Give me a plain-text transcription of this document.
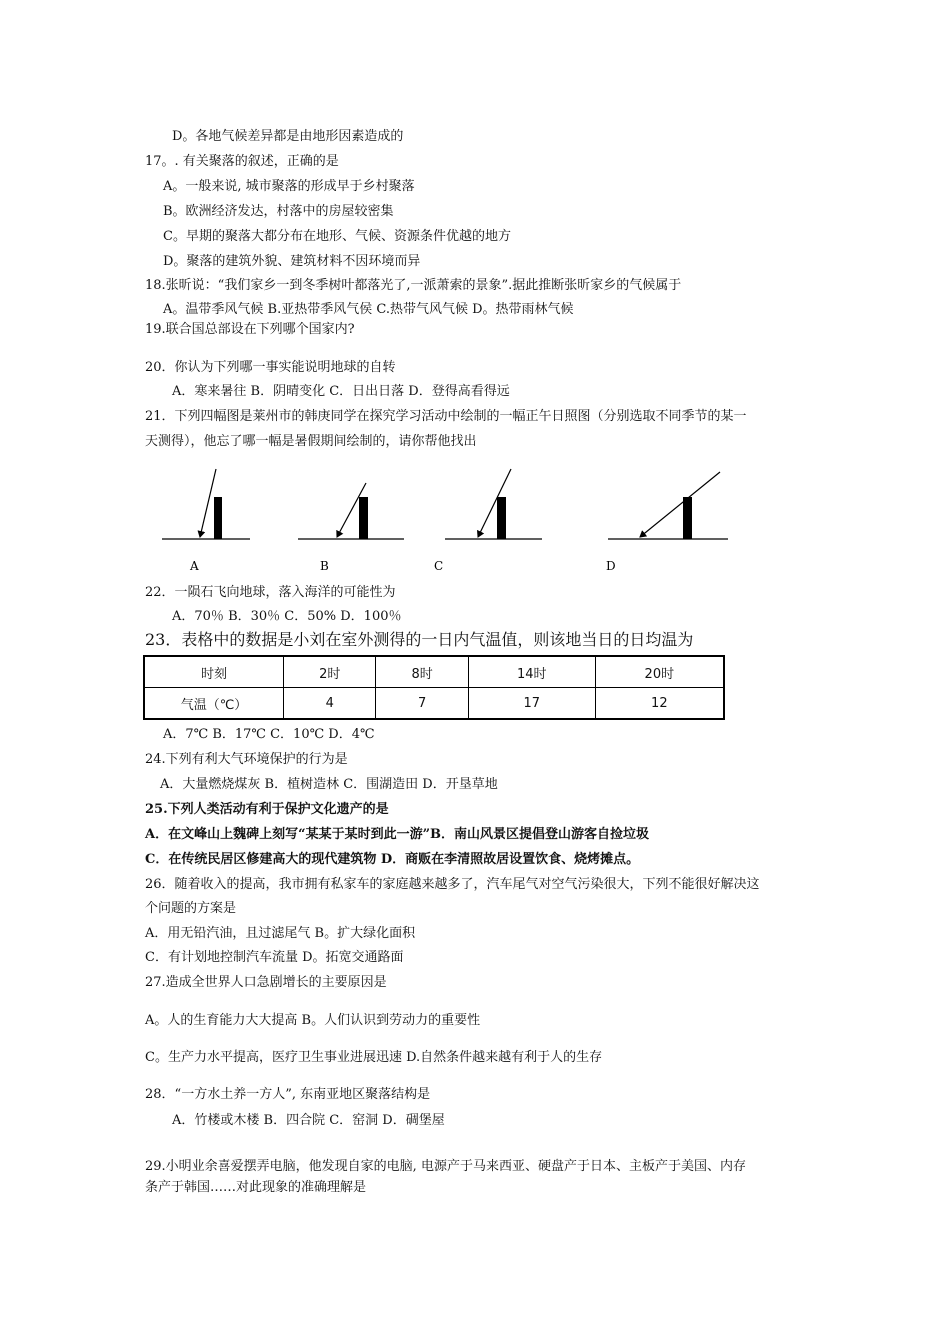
D。各地气候差异都是由地形因素造成的
17。. 有关聚落的叙述，正确的是
A。一般来说, 城市聚落的形成早于乡村聚落
B。欧洲经济发达，村落中的房屋较密集
C。早期的聚落大都分布在地形、气候、资源条件优越的地方
D。聚落的建筑外貌、建筑材料不因环境而异
18.张昕说：“我们家乡一到冬季树叶都落光了,一派萧索的景象”.据此推断张昕家乡的气候属于
A。温带季风气候 B.亚热带季风气侯 C.热带气风气候 D。热带雨林气候
19.联合国总部设在下列哪个国家内?
20．你认为下列哪一事实能说明地球的自转
A．寒来暑往 B．阴晴变化 C．日出日落 D．登得高看得远
21．下列四幅图是莱州市的韩庚同学在探究学习活动中绘制的一幅正午日照图（分别选取不同季节的某一
天测得），他忘了哪一幅是暑假期间绘制的，请你帮他找出
A	B	C	D
22．一陨石飞向地球，落入海洋的可能性为
A．70％ B．30％ C．50% D．100％
23．表格中的数据是小刘在室外测得的一日内气温值，则该地当日的日均温为
时刻	2时	8时	14时	20时
气温（℃）	4	7	17	12
A．7℃ B．17℃ C．10℃ D．4℃
24.下列有利大气环境保护的行为是
A．大量燃烧煤灰 B．植树造林 C．围湖造田 D．开垦草地
25.下列人类活动有利于保护文化遗产的是
A．在文峰山上魏碑上刻写“某某于某时到此一游”B．南山风景区提倡登山游客自捡垃圾
C．在传统民居区修建高大的现代建筑物 D．商贩在李清照故居设置饮食、烧烤摊点。
26．随着收入的提高，我市拥有私家车的家庭越来越多了，汽车尾气对空气污染很大，下列不能很好解决这
个问题的方案是
A．用无铅汽油，且过滤尾气 B。扩大绿化面积
C．有计划地控制汽车流量 D。拓宽交通路面
27.造成全世界人口急剧增长的主要原因是
A。人的生育能力大大提高 B。人们认识到劳动力的重要性
C。生产力水平提高，医疗卫生事业进展迅速 D.自然条件越来越有利于人的生存
28．“一方水土养一方人”, 东南亚地区聚落结构是
A．竹楼或木楼 B．四合院 C．窑洞 D．碉堡屋
29.小明业余喜爱摆弄电脑，他发现自家的电脑, 电源产于马来西亚、硬盘产于日本、主板产于美国、内存
条产于韩国……对此现象的准确理解是
